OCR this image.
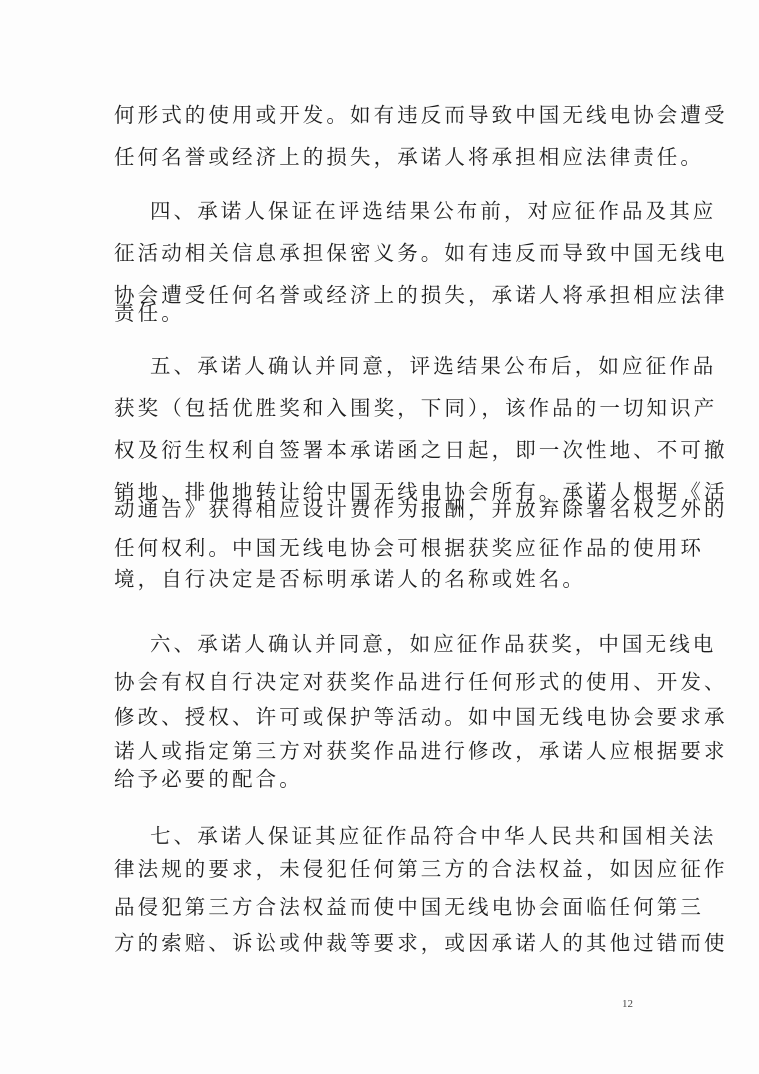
何形式的使用或开发。如有违反而导致中国无线电协会遭受
任何名誉或经济上的损失，承诺人将承担相应法律责任。
四、承诺人保证在评选结果公布前，对应征作品及其应
征活动相关信息承担保密义务。如有违反而导致中国无线电
协会遭受任何名誉或经济上的损失，承诺人将承担相应法律
责任。
五、承诺人确认并同意，评选结果公布后，如应征作品
获奖（包括优胜奖和入围奖，下同），该作品的一切知识产
权及衍生权利自签署本承诺函之日起，即一次性地、不可撤
销地、排他地转让给中国无线电协会所有。承诺人根据《活
动通告》获得相应设计费作为报酬，并放弃除署名权之外的
任何权利。中国无线电协会可根据获奖应征作品的使用环
境，自行决定是否标明承诺人的名称或姓名。
六、承诺人确认并同意，如应征作品获奖，中国无线电
协会有权自行决定对获奖作品进行任何形式的使用、开发、
修改、授权、许可或保护等活动。如中国无线电协会要求承
诺人或指定第三方对获奖作品进行修改，承诺人应根据要求
给予必要的配合。
七、承诺人保证其应征作品符合中华人民共和国相关法
律法规的要求，未侵犯任何第三方的合法权益，如因应征作
品侵犯第三方合法权益而使中国无线电协会面临任何第三
方的索赔、诉讼或仲裁等要求，或因承诺人的其他过错而使
12
